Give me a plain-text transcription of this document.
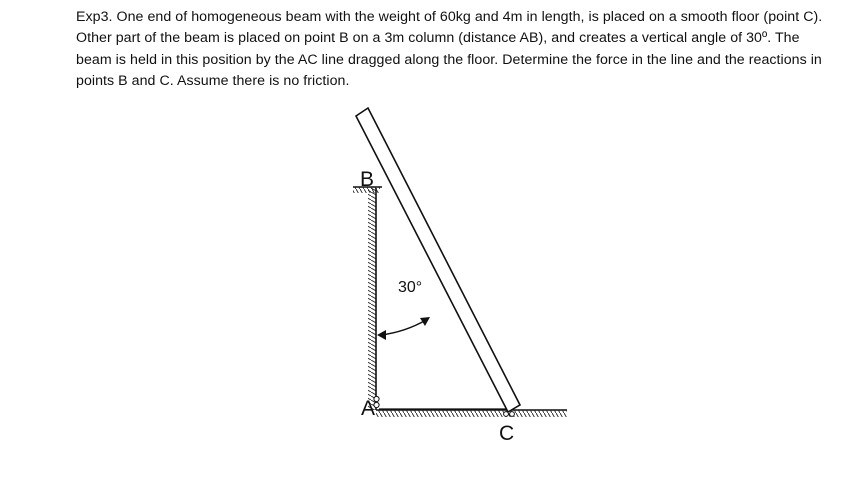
Exp3. One end of homogeneous beam with the weight of 60kg and 4m in length, is placed on a smooth floor (point C). Other part of the beam is placed on point B on a 3m column (distance AB), and creates a vertical angle of 30º. The beam is held in this position by the AC line dragged along the floor. Determine the force in the line and the reactions in points B and C. Assume there is no friction.

B
A
C
30°
